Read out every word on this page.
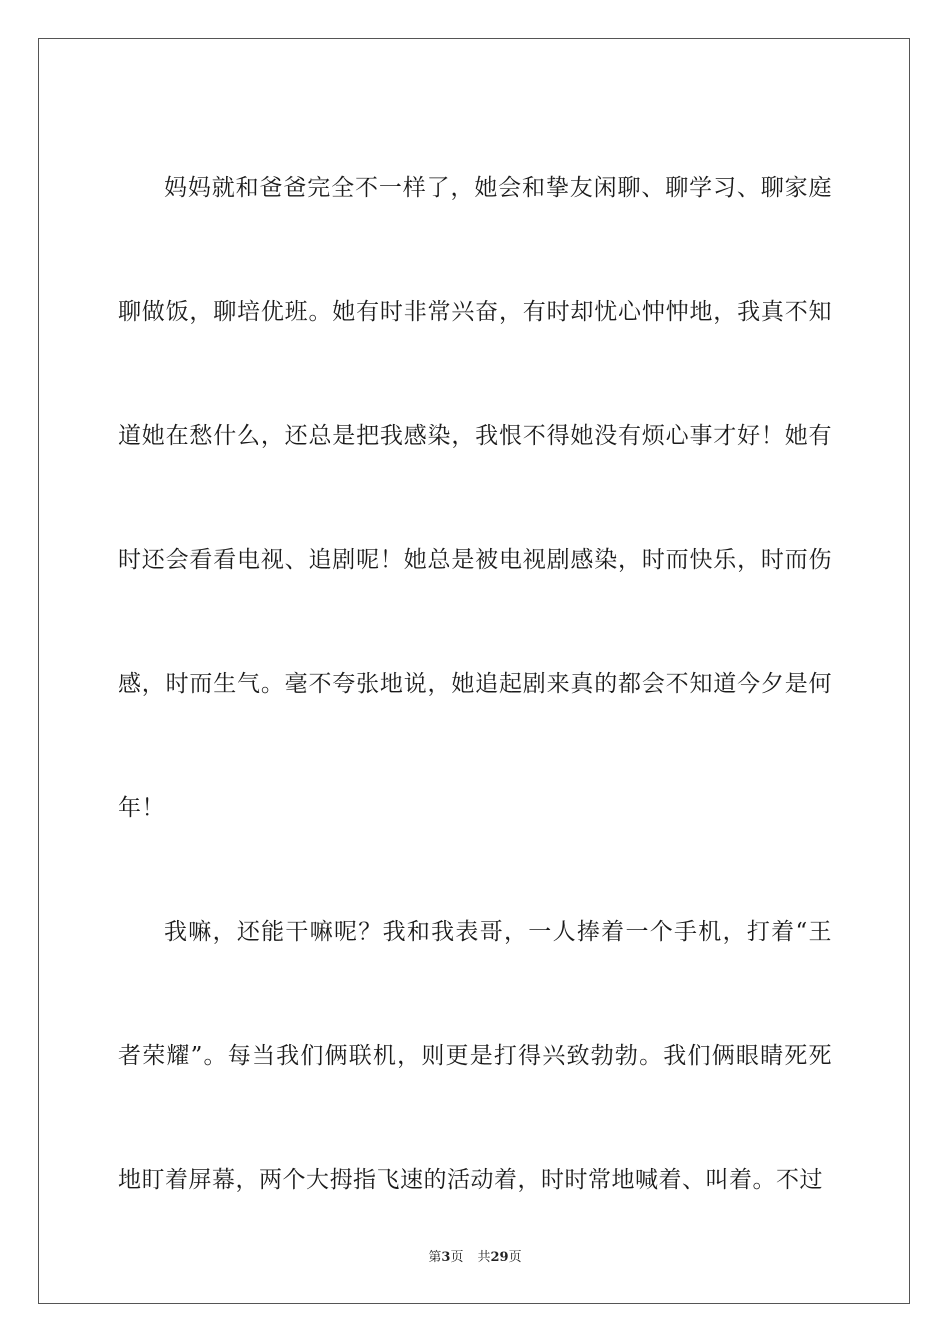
妈妈就和爸爸完全不一样了，她会和挚友闲聊、聊学习、聊家庭聊做饭，聊培优班。她有时非常兴奋，有时却忧心忡忡地，我真不知道她在愁什么，还总是把我感染，我恨不得她没有烦心事才好！她有时还会看看电视、追剧呢！她总是被电视剧感染，时而快乐，时而伤感，时而生气。毫不夸张地说，她追起剧来真的都会不知道今夕是何年！

我嘛，还能干嘛呢？我和我表哥，一人捧着一个手机，打着“王者荣耀”。每当我们俩联机，则更是打得兴致勃勃。我们俩眼睛死死地盯着屏幕，两个大拇指飞速的活动着，时时常地喊着、叫着。不过

第3页 共29页
